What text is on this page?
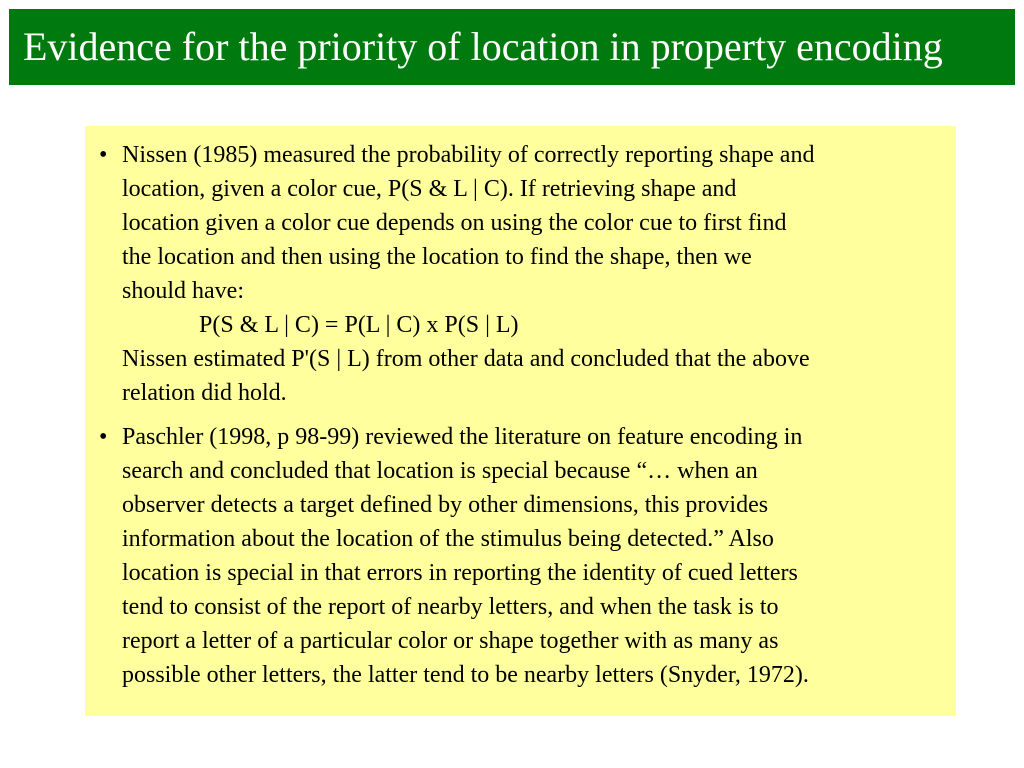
Evidence for the priority of location in property encoding
• Nissen (1985) measured the probability of correctly reporting shape and
location, given a color cue, P(S & L | C). If retrieving shape and
location given a color cue depends on using the color cue to first find
the location and then using the location to find the shape, then we
should have:
P(S & L | C) = P(L | C) x P(S | L)
Nissen estimated P'(S | L) from other data and concluded that the above
relation did hold.
• Paschler (1998, p 98-99) reviewed the literature on feature encoding in
search and concluded that location is special because “… when an
observer detects a target defined by other dimensions, this provides
information about the location of the stimulus being detected.” Also
location is special in that errors in reporting the identity of cued letters
tend to consist of the report of nearby letters, and when the task is to
report a letter of a particular color or shape together with as many as
possible other letters, the latter tend to be nearby letters (Snyder, 1972).
